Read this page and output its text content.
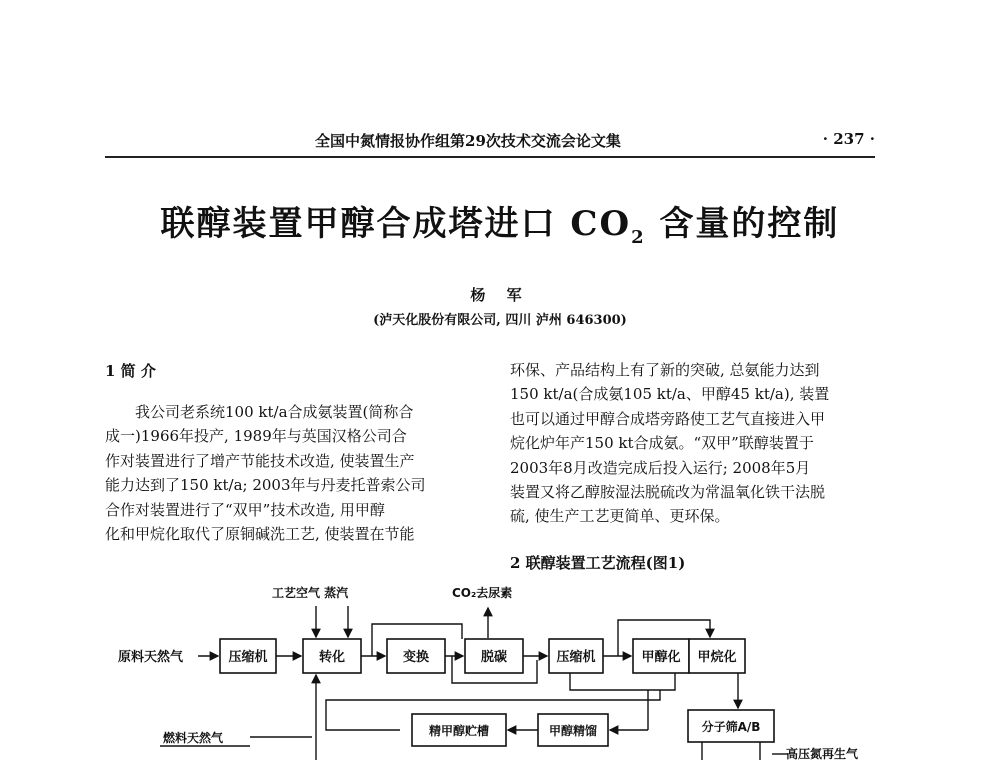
全国中氮情报协作组第29次技术交流会论文集	· 237 ·
联醇装置甲醇合成塔进口 $CO_2$ 含量的控制
杨 军
(泸天化股份有限公司, 四川 泸州 646300)
1 简 介

我公司老系统100 kt/a合成氨装置(简称合

成一)1966年投产, 1989年与英国汉格公司合

作对装置进行了增产节能技术改造, 使装置生产

能力达到了150 kt/a; 2003年与丹麦托普索公司

合作对装置进行了“双甲”技术改造, 用甲醇

化和甲烷化取代了原铜碱洗工艺, 使装置在节能

环保、产品结构上有了新的突破, 总氨能力达到

150 kt/a(合成氨105 kt/a、甲醇45 kt/a), 装置

也可以通过甲醇合成塔旁路使工艺气直接进入甲

烷化炉年产150 kt合成氨。“双甲”联醇装置于

2003年8月改造完成后投入运行; 2008年5月

装置又将乙醇胺湿法脱硫改为常温氧化铁干法脱

硫, 使生产工艺更简单、更环保。

2 联醇装置工艺流程(图1)
工艺空气 蒸汽	CO₂去尿素
原料天然气	压缩机	转化	变换	脱碳	压缩机	甲醇化 甲烷化
甲醇精馏
精甲醇贮槽
燃料天然气
分子筛A/B
高压氮再生气
